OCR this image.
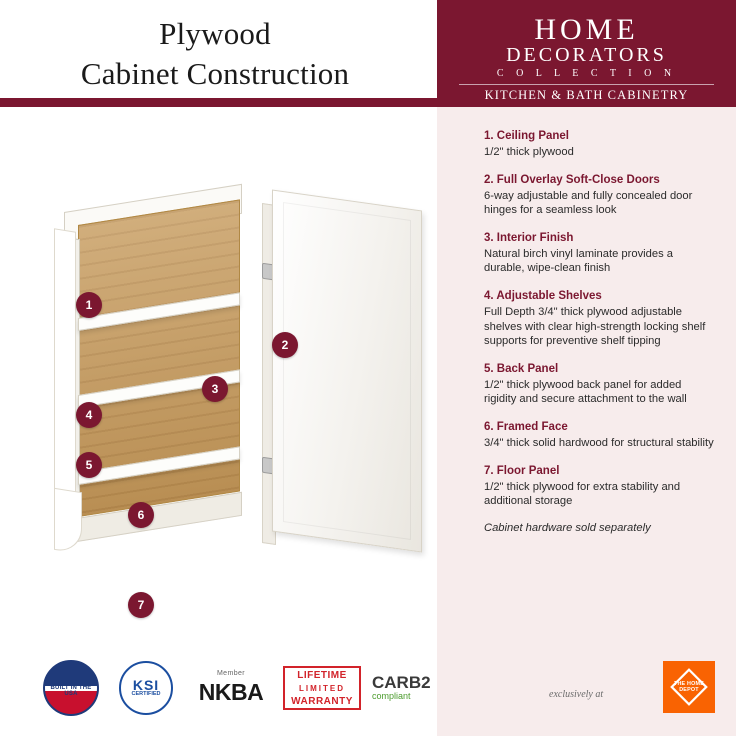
Plywood
Cabinet Construction
HOME
DECORATORS
C O L L E C T I O N
KITCHEN & BATH CABINETRY
1. Ceiling Panel
1/2" thick plywood
2. Full Overlay Soft-Close Doors
6-way adjustable and fully concealed door hinges for a seamless look
3. Interior Finish
Natural birch vinyl laminate provides a durable, wipe-clean finish
4. Adjustable Shelves
Full Depth 3/4" thick plywood adjustable shelves with clear high-strength locking shelf supports for preventive shelf tipping
5. Back Panel
1/2" thick plywood back panel for added rigidity and secure attachment to the wall
6. Framed Face
3/4" thick solid hardwood for structural stability
7. Floor Panel
1/2" thick plywood for extra stability and additional storage
Cabinet hardware sold separately
1
2
3
4
5
6
7
BUILT IN THE USA
KSI
CERTIFIED
Member
NKBA
LIFETIME
LIMITED
WARRANTY
CARB2
compliant	exclusively at
THE HOME DEPOT
